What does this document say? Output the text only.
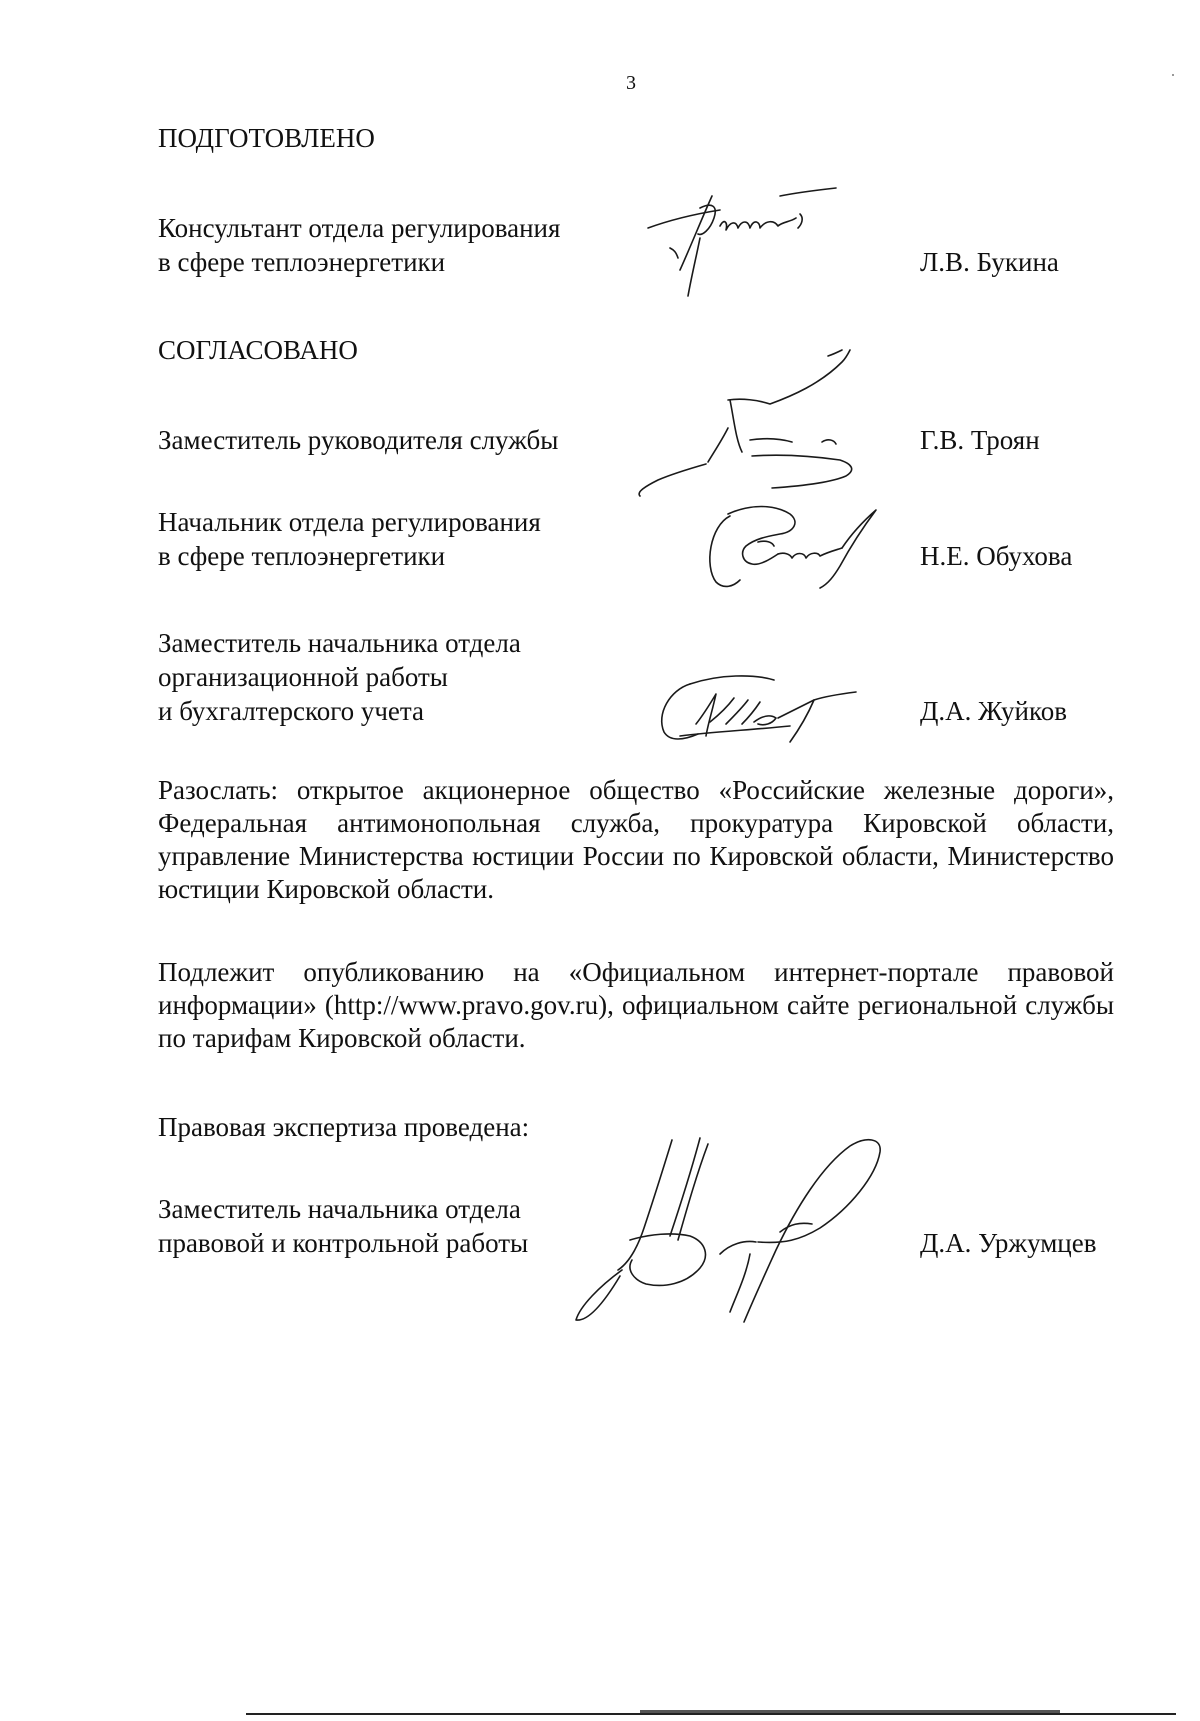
3
ПОДГОТОВЛЕНО
Консультант отдела регулирования
в сфере теплоэнергетики	Л.В. Букина
СОГЛАСОВАНО
Заместитель руководителя службы	Г.В. Троян
Начальник отдела регулирования
в сфере теплоэнергетики	Н.Е. Обухова
Заместитель начальника отдела
организационной работы
и бухгалтерского учета	Д.А. Жуйков
Разослать: открытое акционерное общество «Российские железные дороги», Федеральная антимонопольная служба, прокуратура Кировской области, управление Министерства юстиции России по Кировской области, Министерство юстиции Кировской области.
Подлежит опубликованию на «Официальном интернет-портале правовой информации» (http://www.pravo.gov.ru), официальном сайте региональной службы по тарифам Кировской области.
Правовая экспертиза проведена:
Заместитель начальника отдела
правовой и контрольной работы	Д.А. Уржумцев
